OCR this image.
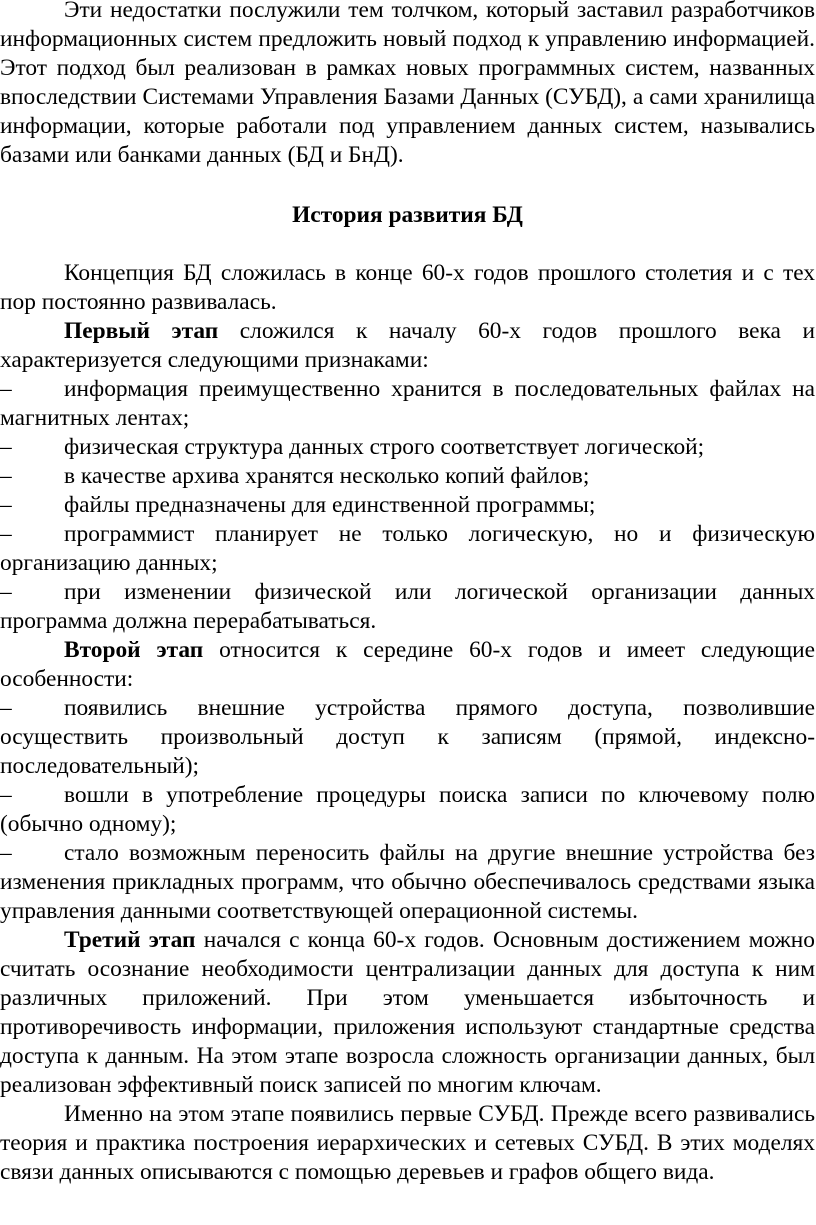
Эти недостатки послужили тем толчком, который заставил разработчиков информационных систем предложить новый подход к управлению информацией. Этот подход был реализован в рамках новых программных систем, названных впоследствии Системами Управления Базами Данных (СУБД), а сами хранилища информации, которые работали под управлением данных систем, назывались базами или банками данных (БД и БнД).

История развития БД

Концепция БД сложилась в конце 60-х годов прошлого столетия и с тех пор постоянно развивалась.

Первый этап сложился к началу 60-х годов прошлого века и характеризуется следующими признаками:

– информация преимущественно хранится в последовательных файлах на магнитных лентах;

– физическая структура данных строго соответствует логической;

– в качестве архива хранятся несколько копий файлов;

– файлы предназначены для единственной программы;

– программист планирует не только логическую, но и физическую организацию данных;

– при изменении физической или логической организации данных программа должна перерабатываться.

Второй этап относится к середине 60-х годов и имеет следующие особенности:

– появились внешние устройства прямого доступа, позволившие осуществить произвольный доступ к записям (прямой, индексно-последовательный);

– вошли в употребление процедуры поиска записи по ключевому полю (обычно одному);

– стало возможным переносить файлы на другие внешние устройства без изменения прикладных программ, что обычно обеспечивалось средствами языка управления данными соответствующей операционной системы.

Третий этап начался с конца 60-х годов. Основным достижением можно считать осознание необходимости централизации данных для доступа к ним различных приложений. При этом уменьшается избыточность и противоречивость информации, приложения используют стандартные средства доступа к данным. На этом этапе возросла сложность организации данных, был реализован эффективный поиск записей по многим ключам.

Именно на этом этапе появились первые СУБД. Прежде всего развивались теория и практика построения иерархических и сетевых СУБД. В этих моделях связи данных описываются с помощью деревьев и графов общего вида.
